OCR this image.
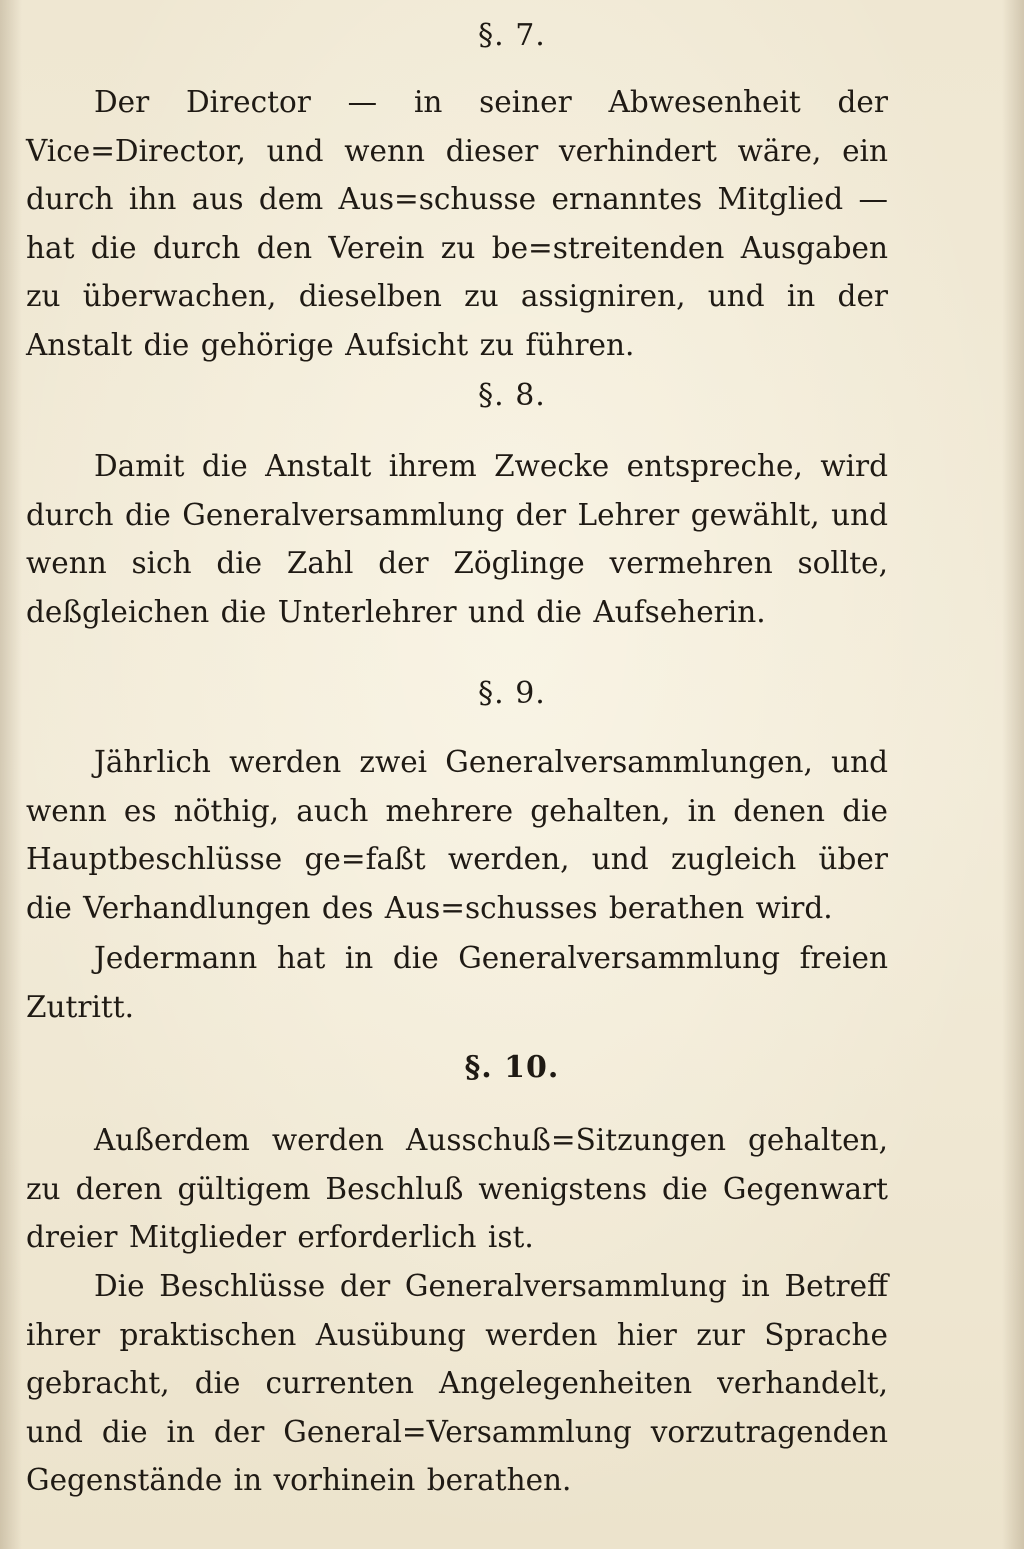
§. 7.

Der Director — in seiner Abwesenheit der Vice=Director, und wenn dieser verhindert wäre, ein durch ihn aus dem Aus=schusse ernanntes Mitglied — hat die durch den Verein zu be=streitenden Ausgaben zu überwachen, dieselben zu assigniren, und in der Anstalt die gehörige Aufsicht zu führen.

§. 8.

Damit die Anstalt ihrem Zwecke entspreche, wird durch die Generalversammlung der Lehrer gewählt, und wenn sich die Zahl der Zöglinge vermehren sollte, deßgleichen die Unterlehrer und die Aufseherin.

§. 9.

Jährlich werden zwei Generalversammlungen, und wenn es nöthig, auch mehrere gehalten, in denen die Hauptbeschlüsse ge=faßt werden, und zugleich über die Verhandlungen des Aus=schusses berathen wird.

Jedermann hat in die Generalversammlung freien Zutritt.

§. 10.

Außerdem werden Ausschuß=Sitzungen gehalten, zu deren gültigem Beschluß wenigstens die Gegenwart dreier Mitglieder erforderlich ist.

Die Beschlüsse der Generalversammlung in Betreff ihrer praktischen Ausübung werden hier zur Sprache gebracht, die currenten Angelegenheiten verhandelt, und die in der General=Versammlung vorzutragenden Gegenstände in vorhinein berathen.
